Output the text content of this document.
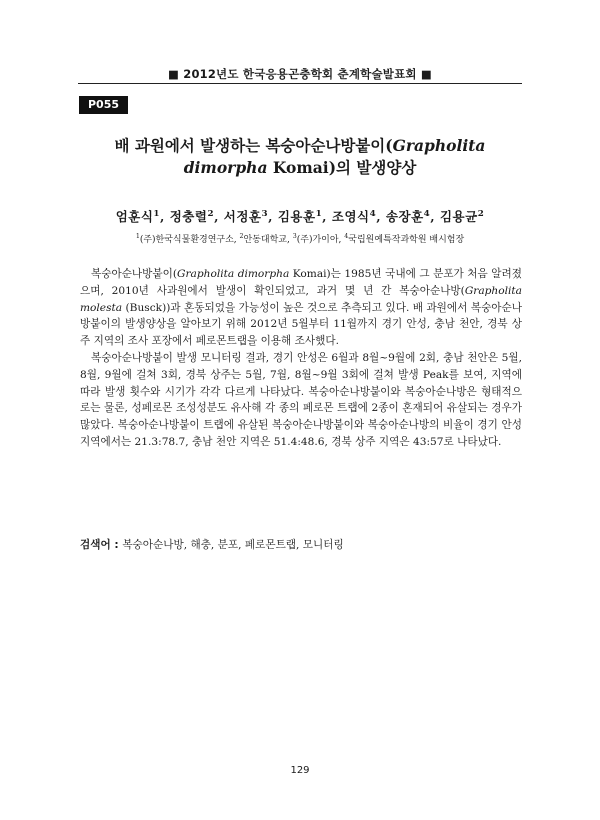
■ 2012년도 한국응용곤충학회 춘계학술발표회 ■
P055
배 과원에서 발생하는 복숭아순나방붙이(Grapholita
dimorpha Komai)의 발생양상
엄훈식$^1$, 정충렬$^2$, 서정훈$^3$, 김용훈$^1$, 조영식$^4$, 송장훈$^4$, 김용균$^2$
$^1$(주)한국식물환경연구소, $^2$안동대학교, $^3$(주)가이아, $^4$국립원예특작과학원 배시험장

복숭아순나방붙이(Grapholita dimorpha Komai)는 1985년 국내에 그 분포가 처음 알려졌으며, 2010년 사과원에서 발생이 확인되었고, 과거 몇 년 간 복숭아순나방(Grapholita molesta (Busck))과 혼동되었을 가능성이 높은 것으로 추측되고 있다. 배 과원에서 복숭아순나방붙이의 발생양상을 알아보기 위해 2012년 5월부터 11월까지 경기 안성, 충남 천안, 경북 상주 지역의 조사 포장에서 페로몬트랩을 이용해 조사했다.

복숭아순나방붙이 발생 모니터링 결과, 경기 안성은 6월과 8월~9월에 2회, 충남 천안은 5월, 8월, 9월에 걸쳐 3회, 경북 상주는 5월, 7월, 8월~9월 3회에 걸쳐 발생 Peak를 보여, 지역에 따라 발생 횟수와 시기가 각각 다르게 나타났다. 복숭아순나방붙이와 복숭아순나방은 형태적으로는 물론, 성페로몬 조성성분도 유사해 각 종의 페로몬 트랩에 2종이 혼재되어 유살되는 경우가 많았다. 복숭아순나방붙이 트랩에 유살된 복숭아순나방붙이와 복숭아순나방의 비율이 경기 안성 지역에서는 21.3:78.7, 충남 천안 지역은 51.4:48.6, 경북 상주 지역은 43:57로 나타났다.

검색어 : 복숭아순나방, 해충, 분포, 페로몬트랩, 모니터링
129
